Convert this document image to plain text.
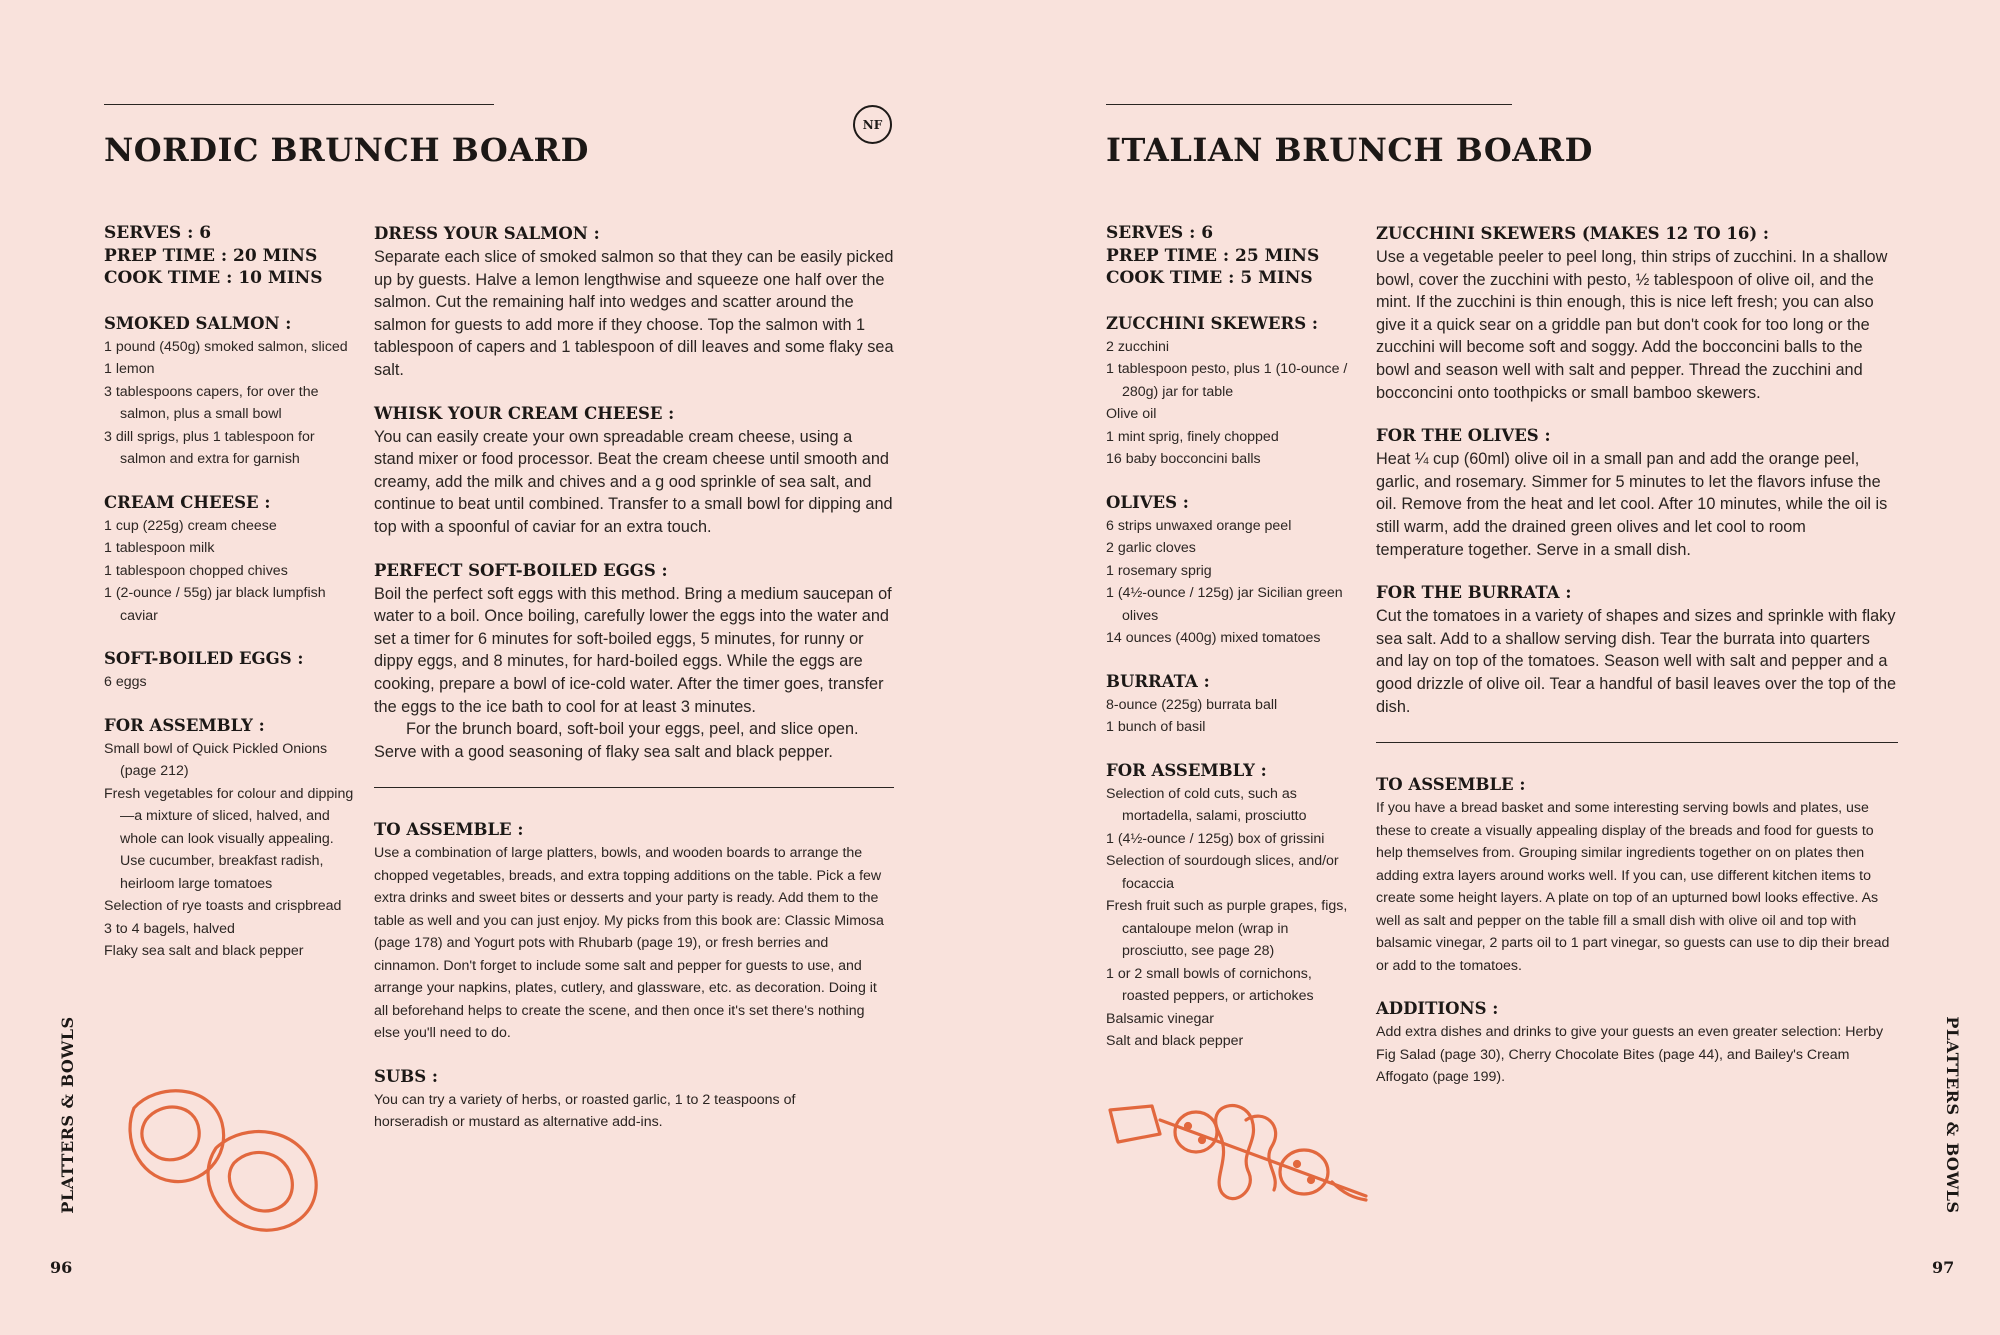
NORDIC BRUNCH BOARD
NF
SERVES : 6
PREP TIME : 20 MINS
COOK TIME : 10 MINS
SMOKED SALMON :
1 pound (450g) smoked salmon, sliced
1 lemon
3 tablespoons capers, for over the salmon, plus a small bowl
3 dill sprigs, plus 1 tablespoon for salmon and extra for garnish
CREAM CHEESE :
1 cup (225g) cream cheese
1 tablespoon milk
1 tablespoon chopped chives
1 (2-ounce / 55g) jar black lumpfish caviar
SOFT-BOILED EGGS :
6 eggs
FOR ASSEMBLY :
Small bowl of Quick Pickled Onions (page 212)
Fresh vegetables for colour and dipping—a mixture of sliced, halved, and whole can look visually appealing. Use cucumber, breakfast radish, heirloom large tomatoes
Selection of rye toasts and crispbread
3 to 4 bagels, halved
Flaky sea salt and black pepper
DRESS YOUR SALMON :
Separate each slice of smoked salmon so that they can be easily picked up by guests. Halve a lemon lengthwise and squeeze one half over the salmon. Cut the remaining half into wedges and scatter around the salmon for guests to add more if they choose. Top the salmon with 1 tablespoon of capers and 1 tablespoon of dill leaves and some flaky sea salt.
WHISK YOUR CREAM CHEESE :
You can easily create your own spreadable cream cheese, using a stand mixer or food processor. Beat the cream cheese until smooth and creamy, add the milk and chives and a g ood sprinkle of sea salt, and continue to beat until combined. Transfer to a small bowl for dipping and top with a spoonful of caviar for an extra touch.
PERFECT SOFT-BOILED EGGS :
Boil the perfect soft eggs with this method. Bring a medium saucepan of water to a boil. Once boiling, carefully lower the eggs into the water and set a timer for 6 minutes for soft-boiled eggs, 5 minutes, for runny or dippy eggs, and 8 minutes, for hard-boiled eggs. While the eggs are cooking, prepare a bowl of ice-cold water. After the timer goes, transfer the eggs to the ice bath to cool for at least 3 minutes.
For the brunch board, soft-boil your eggs, peel, and slice open. Serve with a good seasoning of flaky sea salt and black pepper.
TO ASSEMBLE :
Use a combination of large platters, bowls, and wooden boards to arrange the chopped vegetables, breads, and extra topping additions on the table. Pick a few extra drinks and sweet bites or desserts and your party is ready. Add them to the table as well and you can just enjoy. My picks from this book are: Classic Mimosa (page 178) and Yogurt pots with Rhubarb (page 19), or fresh berries and cinnamon. Don't forget to include some salt and pepper for guests to use, and arrange your napkins, plates, cutlery, and glassware, etc. as decoration. Doing it all beforehand helps to create the scene, and then once it's set there's nothing else you'll need to do.
SUBS :
You can try a variety of herbs, or roasted garlic, 1 to 2 teaspoons of horseradish or mustard as alternative add-ins.
PLATTERS & BOWLS
96
ITALIAN BRUNCH BOARD
SERVES : 6
PREP TIME : 25 MINS
COOK TIME : 5 MINS
ZUCCHINI SKEWERS :
2 zucchini
1 tablespoon pesto, plus 1 (10-ounce / 280g) jar for table
Olive oil
1 mint sprig, finely chopped
16 baby bocconcini balls
OLIVES :
6 strips unwaxed orange peel
2 garlic cloves
1 rosemary sprig
1 (4½-ounce / 125g) jar Sicilian green olives
14 ounces (400g) mixed tomatoes
BURRATA :
8-ounce (225g) burrata ball
1 bunch of basil
FOR ASSEMBLY :
Selection of cold cuts, such as mortadella, salami, prosciutto
1 (4½-ounce / 125g) box of grissini
Selection of sourdough slices, and/or focaccia
Fresh fruit such as purple grapes, figs, cantaloupe melon (wrap in prosciutto, see page 28)
1 or 2 small bowls of cornichons, roasted peppers, or artichokes
Balsamic vinegar
Salt and black pepper
ZUCCHINI SKEWERS (MAKES 12 TO 16) :
Use a vegetable peeler to peel long, thin strips of zucchini. In a shallow bowl, cover the zucchini with pesto, ½ tablespoon of olive oil, and the mint. If the zucchini is thin enough, this is nice left fresh; you can also give it a quick sear on a griddle pan but don't cook for too long or the zucchini will become soft and soggy. Add the bocconcini balls to the bowl and season well with salt and pepper. Thread the zucchini and bocconcini onto toothpicks or small bamboo skewers.
FOR THE OLIVES :
Heat ¼ cup (60ml) olive oil in a small pan and add the orange peel, garlic, and rosemary. Simmer for 5 minutes to let the flavors infuse the oil. Remove from the heat and let cool. After 10 minutes, while the oil is still warm, add the drained green olives and let cool to room temperature together. Serve in a small dish.
FOR THE BURRATA :
Cut the tomatoes in a variety of shapes and sizes and sprinkle with flaky sea salt. Add to a shallow serving dish. Tear the burrata into quarters and lay on top of the tomatoes. Season well with salt and pepper and a good drizzle of olive oil. Tear a handful of basil leaves over the top of the dish.
TO ASSEMBLE :
If you have a bread basket and some interesting serving bowls and plates, use these to create a visually appealing display of the breads and food for guests to help themselves from. Grouping similar ingredients together on on plates then adding extra layers around works well. If you can, use different kitchen items to create some height layers. A plate on top of an upturned bowl looks effective. As well as salt and pepper on the table fill a small dish with olive oil and top with balsamic vinegar, 2 parts oil to 1 part vinegar, so guests can use to dip their bread or add to the tomatoes.
ADDITIONS :
Add extra dishes and drinks to give your guests an even greater selection: Herby Fig Salad (page 30), Cherry Chocolate Bites (page 44), and Bailey's Cream Affogato (page 199).	PLATTERS & BOWLS
97
